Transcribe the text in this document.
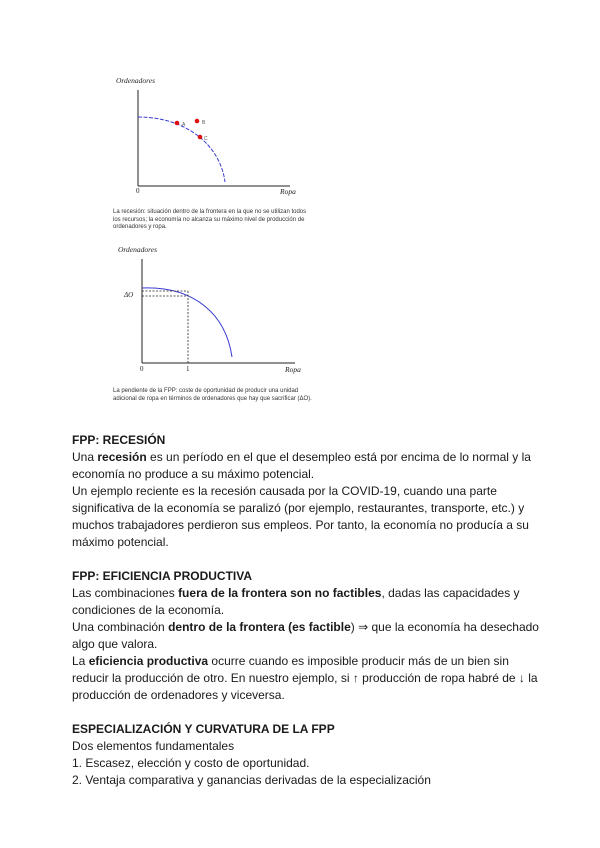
Ordenadores
A	B
C
0	Ropa
La recesión: situación dentro de la frontera en la que no se utilizan todos los recursos; la economía no alcanza su máximo nivel de producción de ordenadores y ropa.
Ordenadores
ΔO
0	1	Ropa
La pendiente de la FPP: coste de oportunidad de producir una unidad adicional de ropa en términos de ordenadores que hay que sacrificar (ΔO).
FPP: RECESIÓN

Una recesión es un período en el que el desempleo está por encima de lo normal y la economía no produce a su máximo potencial.

Un ejemplo reciente es la recesión causada por la COVID-19, cuando una parte significativa de la economía se paralizó (por ejemplo, restaurantes, transporte, etc.) y muchos trabajadores perdieron sus empleos. Por tanto, la economía no producía a su máximo potencial.

FPP: EFICIENCIA PRODUCTIVA

Las combinaciones fuera de la frontera son no factibles, dadas las capacidades y condiciones de la economía.

Una combinación dentro de la frontera (es factible) ⇒ que la economía ha desechado algo que valora.

La eficiencia productiva ocurre cuando es imposible producir más de un bien sin reducir la producción de otro. En nuestro ejemplo, si ↑ producción de ropa habré de ↓ la producción de ordenadores y viceversa.

ESPECIALIZACIÓN Y CURVATURA DE LA FPP

Dos elementos fundamentales

1. Escasez, elección y costo de oportunidad.

2. Ventaja comparativa y ganancias derivadas de la especialización
